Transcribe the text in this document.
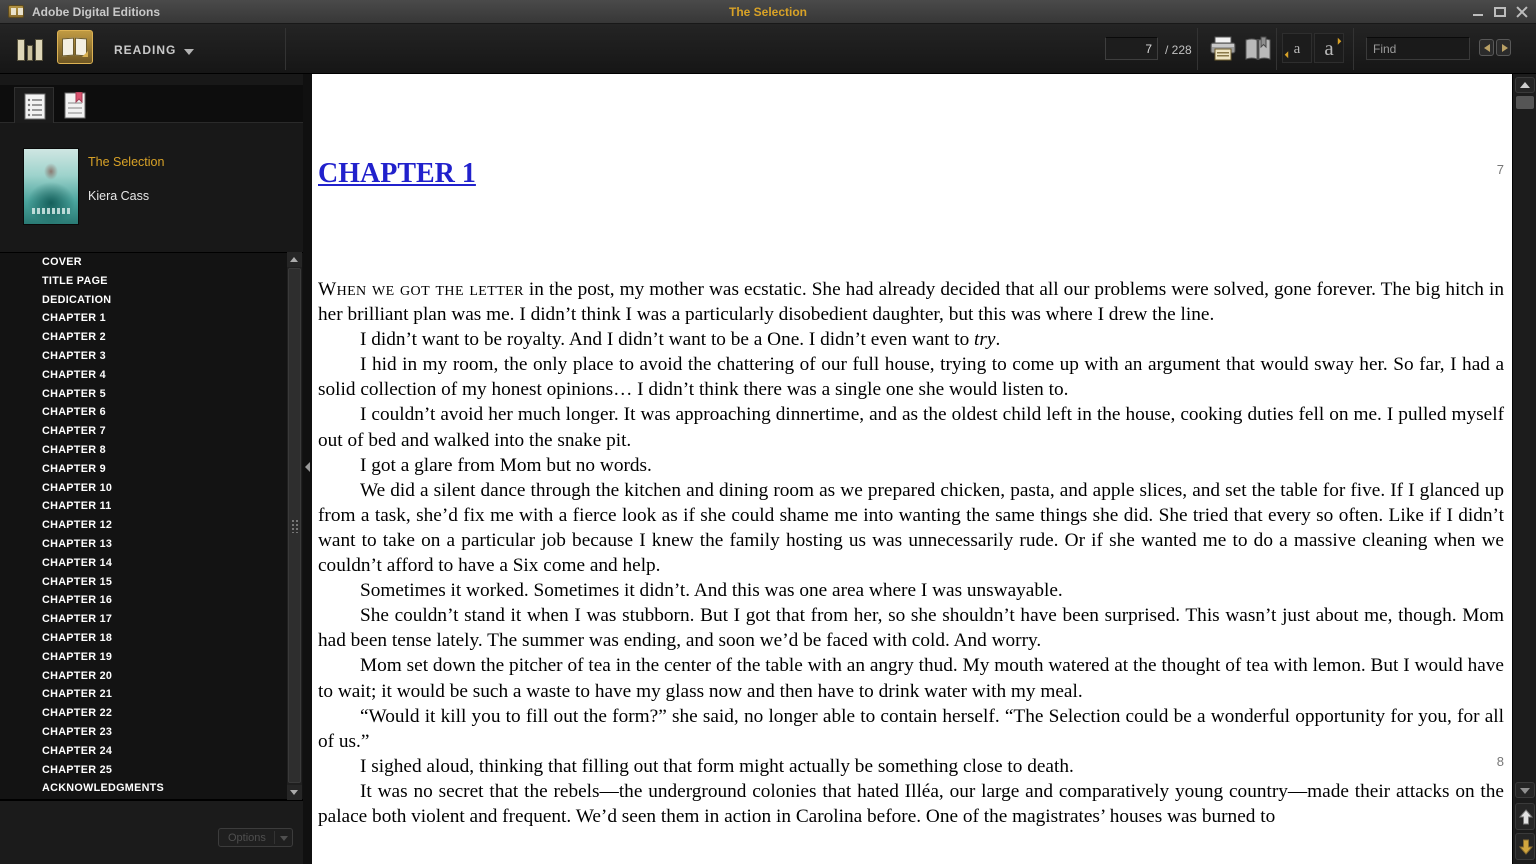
Adobe Digital Editions	The Selection
READING
7	/ 228	a	a
Find
The Selection
Kiera Cass
COVER
TITLE PAGE
DEDICATION
CHAPTER 1
CHAPTER 2
CHAPTER 3
CHAPTER 4
CHAPTER 5
CHAPTER 6
CHAPTER 7
CHAPTER 8
CHAPTER 9
CHAPTER 10
CHAPTER 11
CHAPTER 12
CHAPTER 13
CHAPTER 14
CHAPTER 15
CHAPTER 16
CHAPTER 17
CHAPTER 18
CHAPTER 19
CHAPTER 20
CHAPTER 21
CHAPTER 22
CHAPTER 23
CHAPTER 24
CHAPTER 25
ACKNOWLEDGMENTS
Options
CHAPTER 1	7

When we got the letter in the post, my mother was ecstatic. She had already decided that all our problems were solved, gone forever. The big hitch in her brilliant plan was me. I didn’t think I was a particularly disobedient daughter, but this was where I drew the line.

I didn’t want to be royalty. And I didn’t want to be a One. I didn’t even want to try.

I hid in my room, the only place to avoid the chattering of our full house, trying to come up with an argument that would sway her. So far, I had a solid collection of my honest opinions… I didn’t think there was a single one she would listen to.

I couldn’t avoid her much longer. It was approaching dinnertime, and as the oldest child left in the house, cooking duties fell on me. I pulled myself out of bed and walked into the snake pit.

I got a glare from Mom but no words.

We did a silent dance through the kitchen and dining room as we prepared chicken, pasta, and apple slices, and set the table for five. If I glanced up from a task, she’d fix me with a fierce look as if she could shame me into wanting the same things she did. She tried that every so often. Like if I didn’t want to take on a particular job because I knew the family hosting us was unnecessarily rude. Or if she wanted me to do a massive cleaning when we couldn’t afford to have a Six come and help.

Sometimes it worked. Sometimes it didn’t. And this was one area where I was unswayable.

She couldn’t stand it when I was stubborn. But I got that from her, so she shouldn’t have been surprised. This wasn’t just about me, though. Mom had been tense lately. The summer was ending, and soon we’d be faced with cold. And worry.

Mom set down the pitcher of tea in the center of the table with an angry thud. My mouth watered at the thought of tea with lemon. But I would have to wait; it would be such a waste to have my glass now and then have to drink water with my meal.

“Would it kill you to fill out the form?” she said, no longer able to contain herself. “The Selection could be a wonderful opportunity for you, for all of us.”

I sighed aloud, thinking that filling out that form might actually be something close to death.

It was no secret that the rebels—the underground colonies that hated Illéa, our large and comparatively young country—made their attacks on the palace both violent and frequent. We’d seen them in action in Carolina before. One of the magistrates’ houses was burned to

8
